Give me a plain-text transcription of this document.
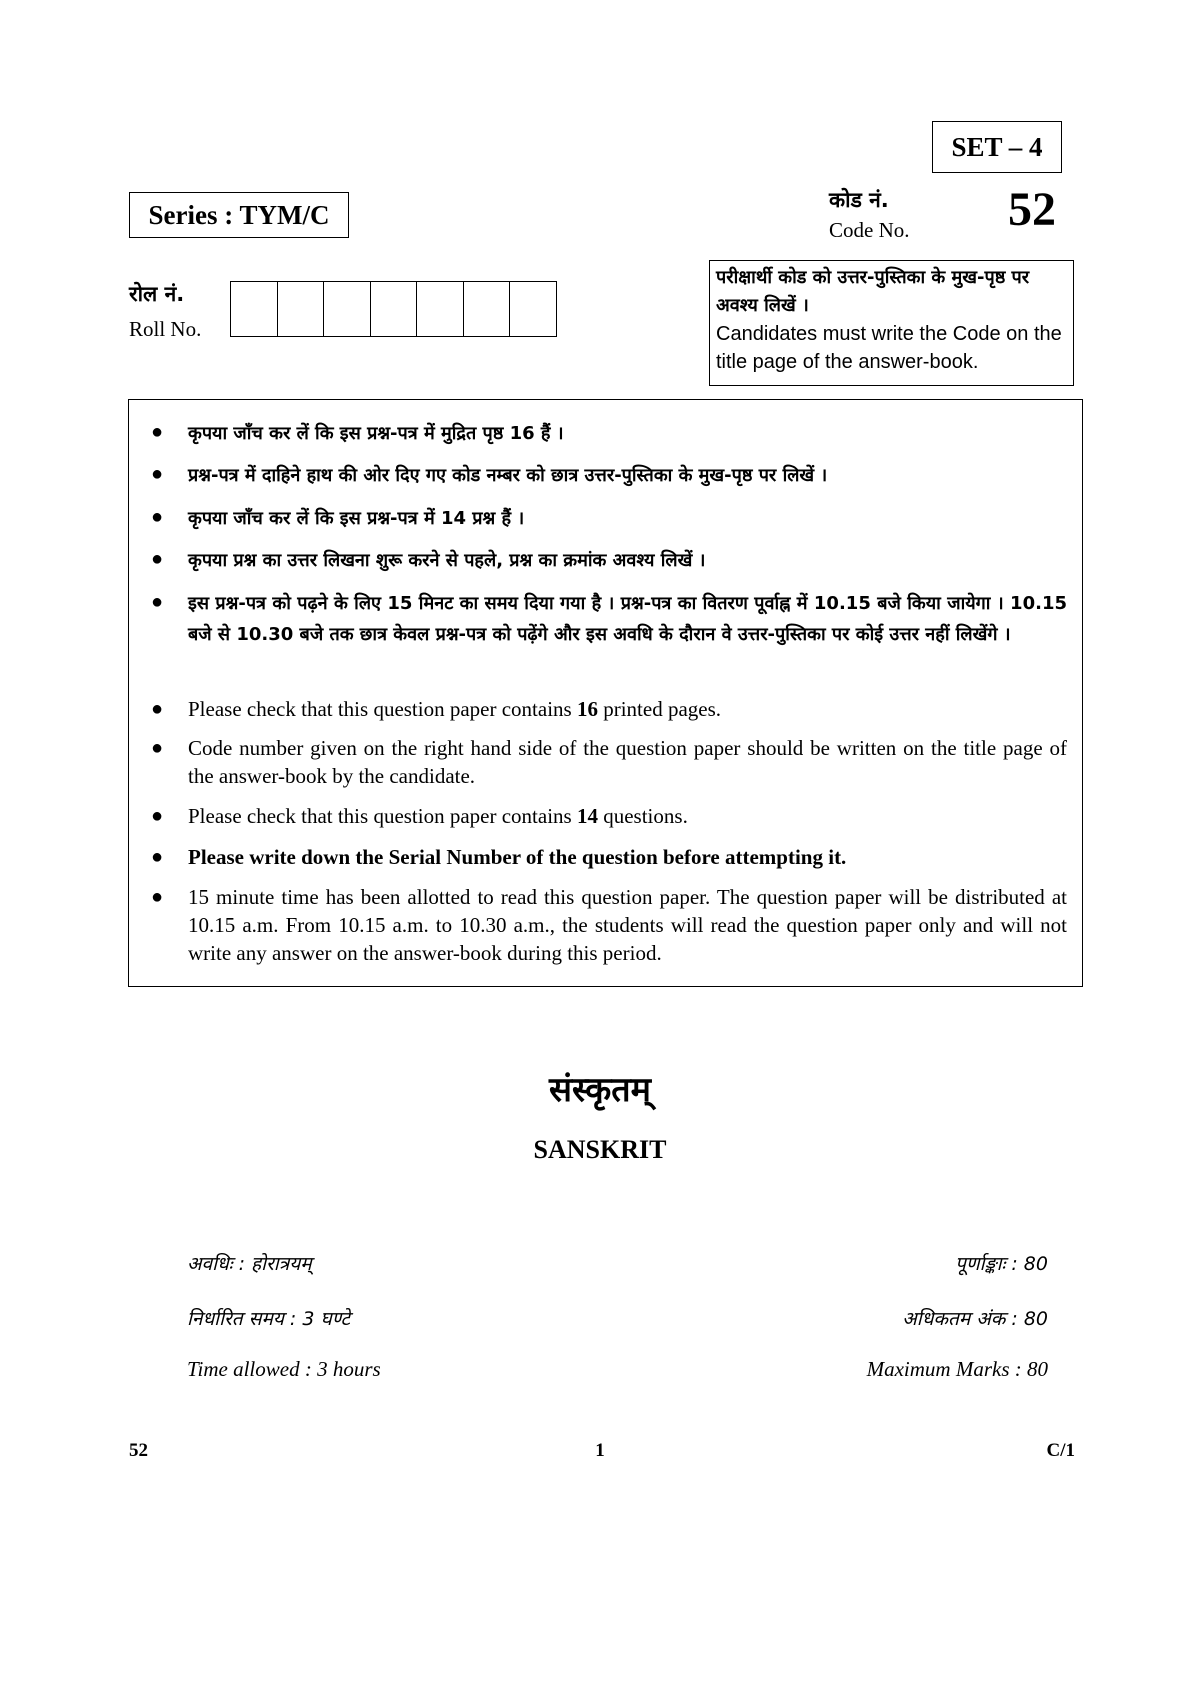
SET – 4
Series : TYM/C	कोड नं.
Code No. 52
रोल नं.
Roll No.
परीक्षार्थी कोड को उत्तर-पुस्तिका के मुख-पृष्ठ पर अवश्य लिखें ।
Candidates must write the Code on the title page of the answer-book.
● कृपया जाँच कर लें कि इस प्रश्न-पत्र में मुद्रित पृष्ठ 16 हैं ।
● प्रश्न-पत्र में दाहिने हाथ की ओर दिए गए कोड नम्बर को छात्र उत्तर-पुस्तिका के मुख-पृष्ठ पर लिखें ।
● कृपया जाँच कर लें कि इस प्रश्न-पत्र में 14 प्रश्न हैं ।
● कृपया प्रश्न का उत्तर लिखना शुरू करने से पहले, प्रश्न का क्रमांक अवश्य लिखें ।
● इस प्रश्न-पत्र को पढ़ने के लिए 15 मिनट का समय दिया गया है । प्रश्न-पत्र का वितरण पूर्वाह्न में 10.15 बजे किया जायेगा । 10.15 बजे से 10.30 बजे तक छात्र केवल प्रश्न-पत्र को पढ़ेंगे और इस अवधि के दौरान वे उत्तर-पुस्तिका पर कोई उत्तर नहीं लिखेंगे ।
● Please check that this question paper contains 16 printed pages.
● Code number given on the right hand side of the question paper should be written on the title page of the answer-book by the candidate.
● Please check that this question paper contains 14 questions.
● Please write down the Serial Number of the question before attempting it.
● 15 minute time has been allotted to read this question paper. The question paper will be distributed at 10.15 a.m. From 10.15 a.m. to 10.30 a.m., the students will read the question paper only and will not write any answer on the answer-book during this period.
संस्कृतम्
SANSKRIT
अवधिः : होरात्रयम्	पूर्णाङ्काः : 80
निर्धारित समय : 3 घण्टे	अधिकतम अंक : 80
Time allowed : 3 hours	Maximum Marks : 80
52	1	C/1
